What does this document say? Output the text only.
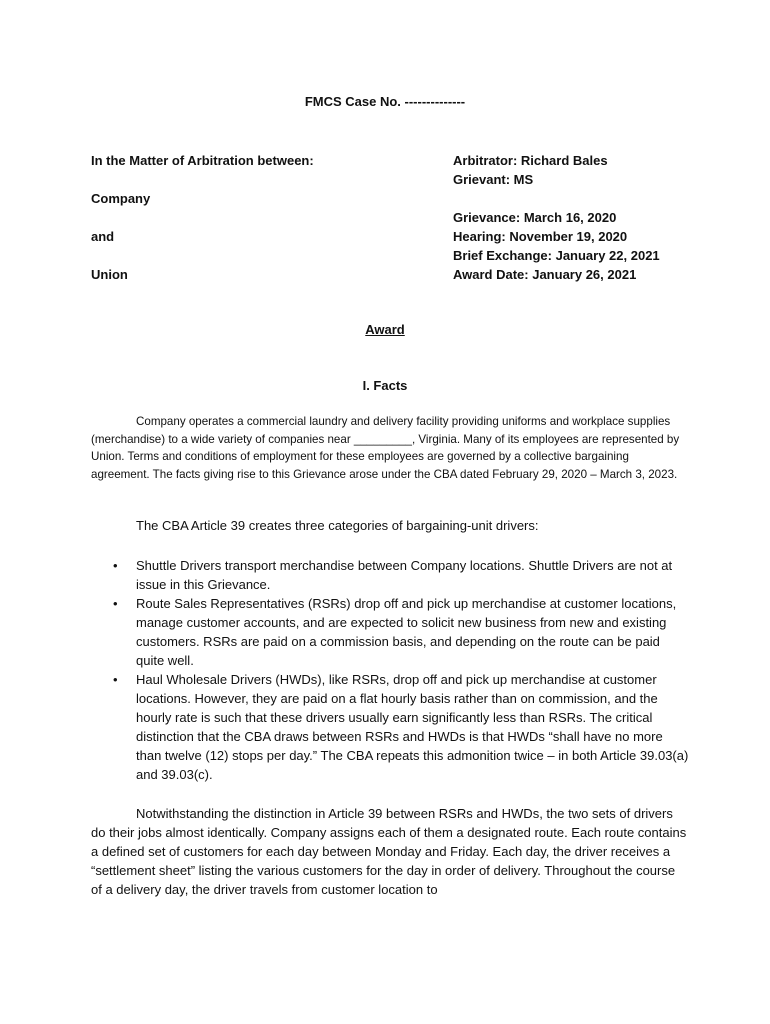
FMCS Case No. --------------
In the Matter of Arbitration between:
Company
and
Union
Arbitrator: Richard Bales
Grievant: MS
Grievance: March 16, 2020
Hearing: November 19, 2020
Brief Exchange: January 22, 2021
Award Date: January 26, 2021
Award
I. Facts

Company operates a commercial laundry and delivery facility providing uniforms and workplace supplies (merchandise) to a wide variety of companies near _________, Virginia. Many of its employees are represented by Union. Terms and conditions of employment for these employees are governed by a collective bargaining agreement. The facts giving rise to this Grievance arose under the CBA dated February 29, 2020 – March 3, 2023.

The CBA Article 39 creates three categories of bargaining-unit drivers:

• Shuttle Drivers transport merchandise between Company locations. Shuttle Drivers are not at issue in this Grievance.
• Route Sales Representatives (RSRs) drop off and pick up merchandise at customer locations, manage customer accounts, and are expected to solicit new business from new and existing customers. RSRs are paid on a commission basis, and depending on the route can be paid quite well.
• Haul Wholesale Drivers (HWDs), like RSRs, drop off and pick up merchandise at customer locations. However, they are paid on a flat hourly basis rather than on commission, and the hourly rate is such that these drivers usually earn significantly less than RSRs. The critical distinction that the CBA draws between RSRs and HWDs is that HWDs “shall have no more than twelve (12) stops per day.” The CBA repeats this admonition twice – in both Article 39.03(a) and 39.03(c).

Notwithstanding the distinction in Article 39 between RSRs and HWDs, the two sets of drivers do their jobs almost identically. Company assigns each of them a designated route. Each route contains a defined set of customers for each day between Monday and Friday. Each day, the driver receives a “settlement sheet” listing the various customers for the day in order of delivery. Throughout the course of a delivery day, the driver travels from customer location to
